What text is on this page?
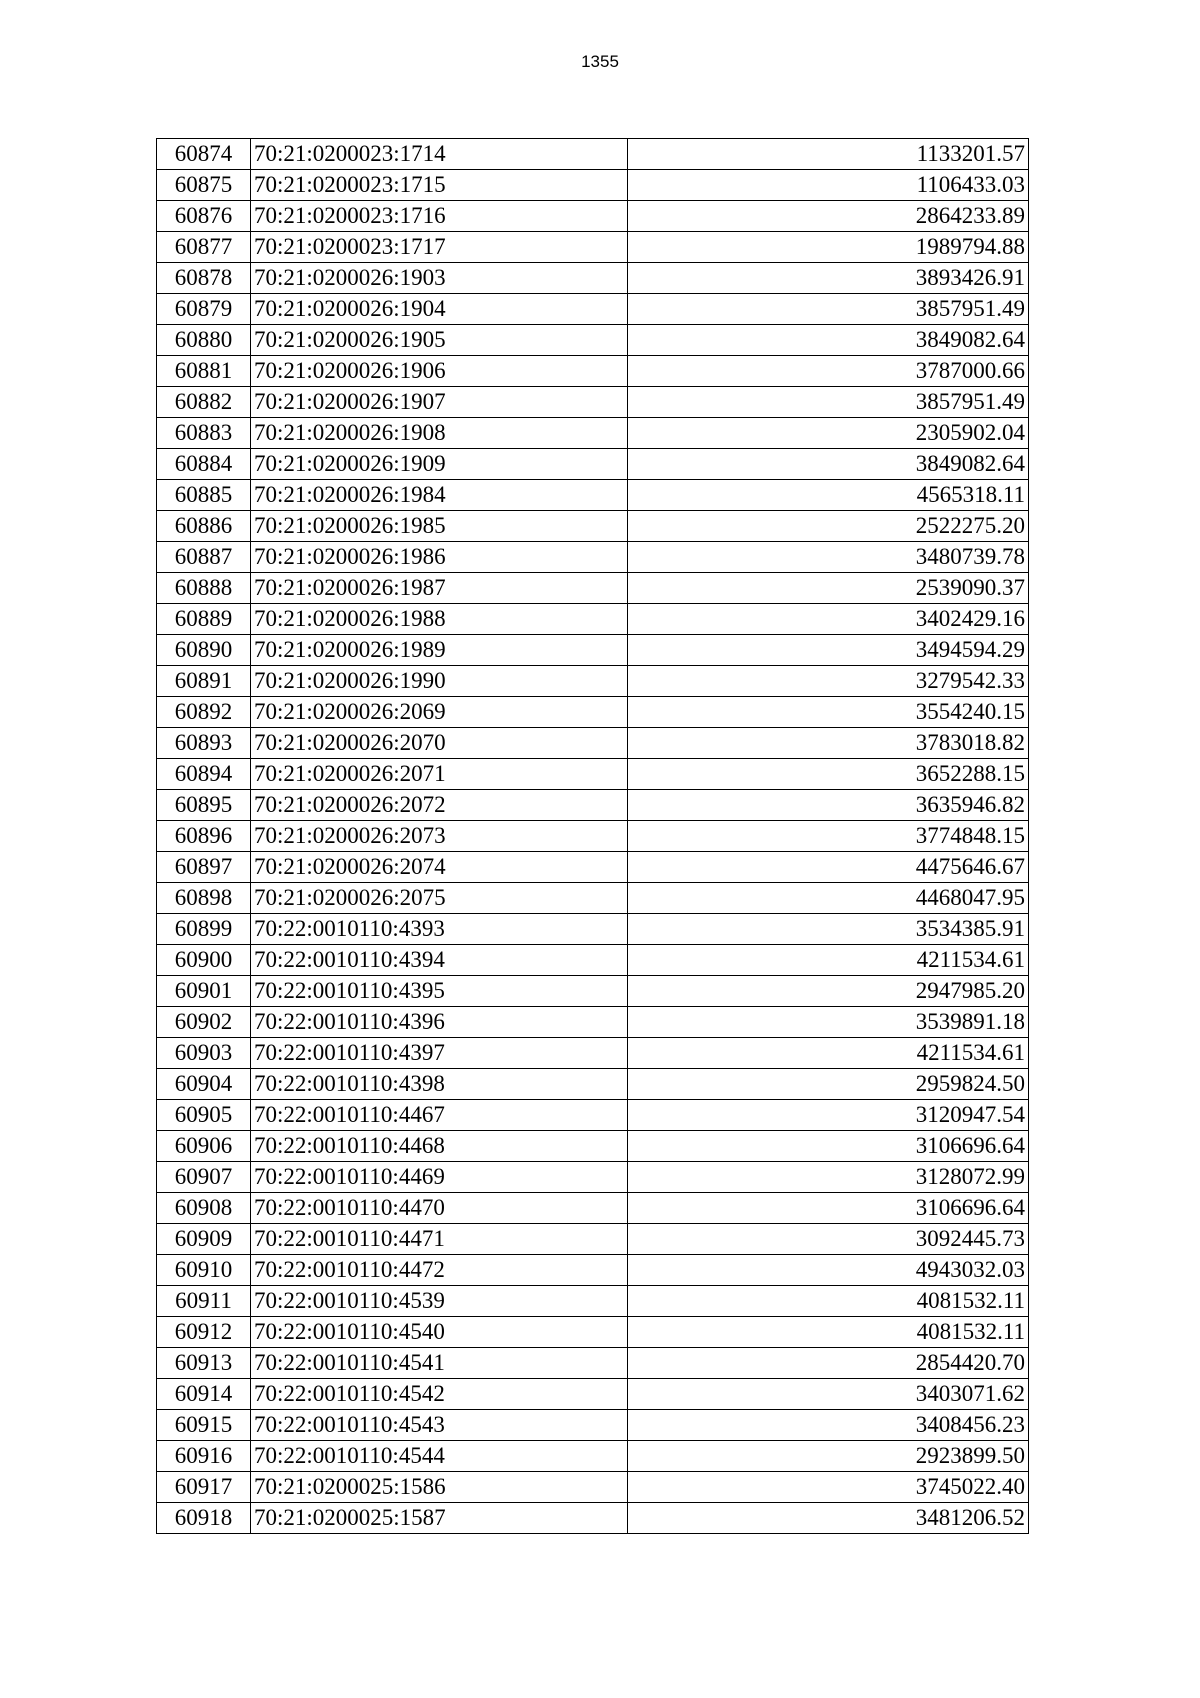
1355
60874	70:21:0200023:1714	1133201.57
60875	70:21:0200023:1715	1106433.03
60876	70:21:0200023:1716	2864233.89
60877	70:21:0200023:1717	1989794.88
60878	70:21:0200026:1903	3893426.91
60879	70:21:0200026:1904	3857951.49
60880	70:21:0200026:1905	3849082.64
60881	70:21:0200026:1906	3787000.66
60882	70:21:0200026:1907	3857951.49
60883	70:21:0200026:1908	2305902.04
60884	70:21:0200026:1909	3849082.64
60885	70:21:0200026:1984	4565318.11
60886	70:21:0200026:1985	2522275.20
60887	70:21:0200026:1986	3480739.78
60888	70:21:0200026:1987	2539090.37
60889	70:21:0200026:1988	3402429.16
60890	70:21:0200026:1989	3494594.29
60891	70:21:0200026:1990	3279542.33
60892	70:21:0200026:2069	3554240.15
60893	70:21:0200026:2070	3783018.82
60894	70:21:0200026:2071	3652288.15
60895	70:21:0200026:2072	3635946.82
60896	70:21:0200026:2073	3774848.15
60897	70:21:0200026:2074	4475646.67
60898	70:21:0200026:2075	4468047.95
60899	70:22:0010110:4393	3534385.91
60900	70:22:0010110:4394	4211534.61
60901	70:22:0010110:4395	2947985.20
60902	70:22:0010110:4396	3539891.18
60903	70:22:0010110:4397	4211534.61
60904	70:22:0010110:4398	2959824.50
60905	70:22:0010110:4467	3120947.54
60906	70:22:0010110:4468	3106696.64
60907	70:22:0010110:4469	3128072.99
60908	70:22:0010110:4470	3106696.64
60909	70:22:0010110:4471	3092445.73
60910	70:22:0010110:4472	4943032.03
60911	70:22:0010110:4539	4081532.11
60912	70:22:0010110:4540	4081532.11
60913	70:22:0010110:4541	2854420.70
60914	70:22:0010110:4542	3403071.62
60915	70:22:0010110:4543	3408456.23
60916	70:22:0010110:4544	2923899.50
60917	70:21:0200025:1586	3745022.40
60918	70:21:0200025:1587	3481206.52
